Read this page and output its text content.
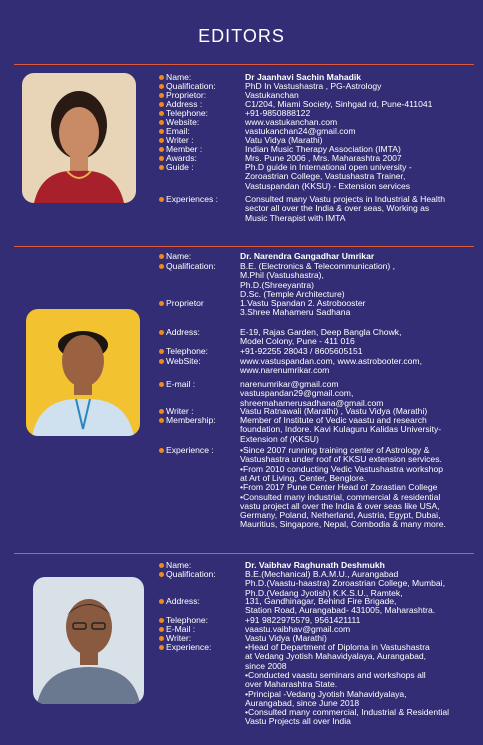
EDITORS
Name:	Dr Jaanhavi Sachin Mahadik
Qualification:	PhD In Vastushastra , PG-Astrology
Proprietor:	Vastukanchan
Address :	C1/204, Miami Society, Sinhgad rd, Pune-411041
Telephone:	+91-9850888122
Website:	www.vastukanchan.com
Email:	vastukanchan24@gmail.com
Writer :	Vatu Vidya (Marathi)
Member :	Indian Music Therapy Association (IMTA)
Awards:	Mrs. Pune 2006 , Mrs. Maharashtra 2007
Guide :	Ph.D guide in International open university -
Zoroastrian College, Vastushastra Trainer,
Vastuspandan (KKSU) - Extension services
Experiences :	Consulted many Vastu projects in Industrial & Health
sector all over the India & over seas, Working as
Music Therapist with IMTA
Name:	Dr. Narendra Gangadhar Umrikar
Qualification:	B.E. (Electronics & Telecommunication) ,
M.Phil (Vastushastra),
Ph.D.(Shreeyantra)
D.Sc. (Temple Architecture)
Proprietor	1.Vastu Spandan 2. Astrobooster
3.Shree Mahameru Sadhana
Address:	E-19, Rajas Garden, Deep Bangla Chowk,
Model Colony, Pune - 411 016
Telephone:	+91-92255 28043 / 8605605151
WebSite:	www.vastuspandan.com, www.astrobooter.com,
www.narenumrikar.com
E-mail :	narenumrikar@gmail.com
vastuspandan29@gmail.com,
shreemahamerusadhana@gmail.com
Writer :	Vastu Ratnawali (Marathi) , Vastu Vidya (Marathi)
Membership:	Member of Institute of Vedic vaastu and research
foundation, Indore. Kavi Kulaguru Kalidas University-
Extension of (KKSU)
Experience :	•Since 2007 running training center of Astrology &
Vastushastra under roof of KKSU extension services.
•From 2010 conducting Vedic Vastushastra workshop
at Art of Living, Center, Benglore.
•From 2017 Pune Center Head of Zorastian College
•Consulted many industrial, commercial & residential
vastu project all over the India & over seas like USA,
Germany, Poland, Netherland, Austria, Egypt, Dubai,
Mauritius, Singapore, Nepal, Combodia & many more.
Name:	Dr. Vaibhav Raghunath Deshmukh
Qualification:	B.E.(Mechanical) B.A.M.U., Aurangabad
Ph.D.(Vaastu-haastra) Zoroastrian College, Mumbai,
Ph.D.(Vedang Jyotish) K.K.S.U., Ramtek,
Address:	131, Gandhinagar, Behind Fire Brigade,
Station Road, Aurangabad- 431005, Maharashtra.
Telephone:	+91 9822975579, 9561421111
E-Mail :	vaastu.vaibhav@gmail.com
Writer:	Vastu Vidya (Marathi)
Experience:	•Head of Department of Diploma in Vastushastra
at Vedang Jyotish Mahavidyalaya, Aurangabad,
since 2008
•Conducted vaastu seminars and workshops all
over Maharashtra State.
•Principal -Vedang Jyotish Mahavidyalaya,
Aurangabad, since June 2018
•Consulted many commercial, Industrial & Residential
Vastu Projects all over India
